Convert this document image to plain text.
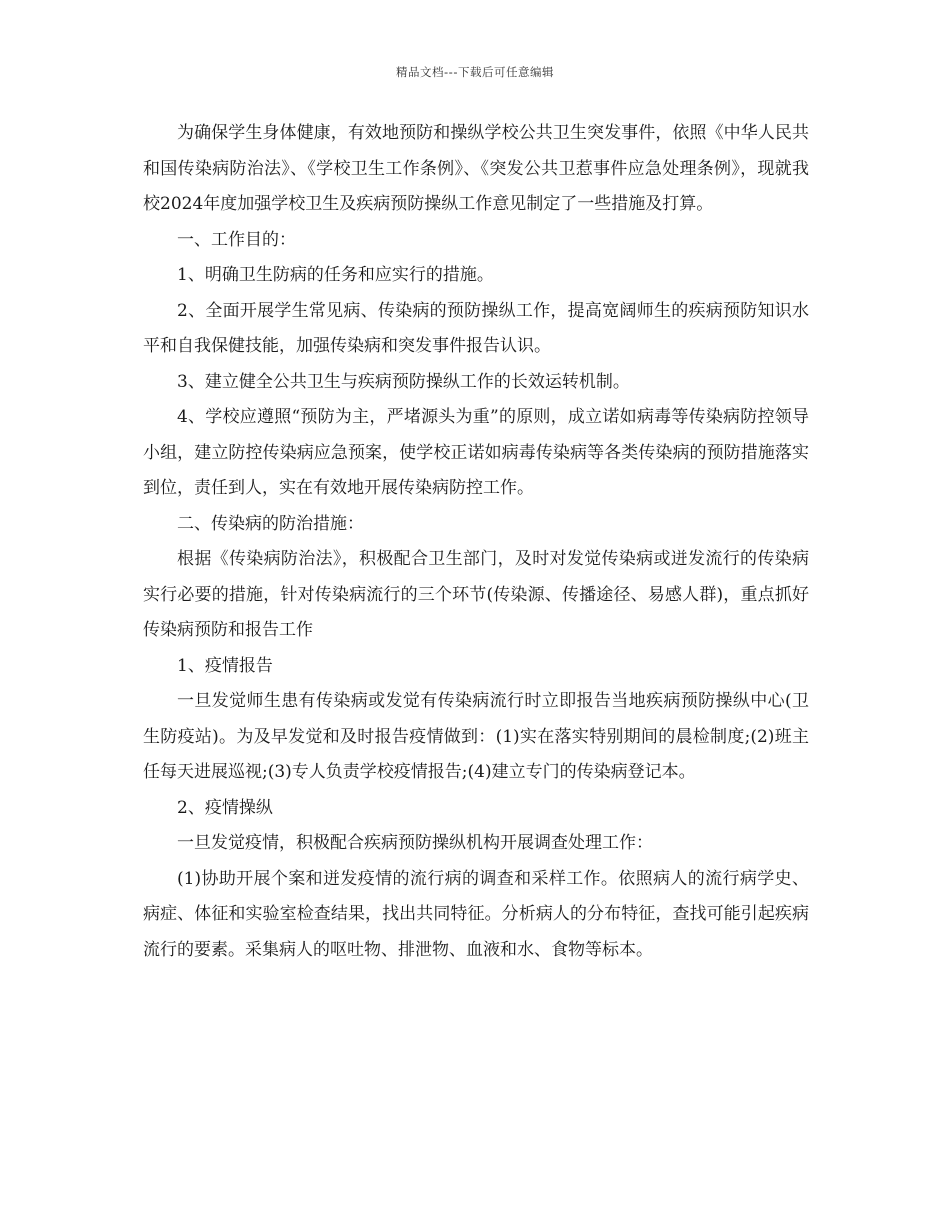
精品文档---下载后可任意编辑

为确保学生身体健康，有效地预防和操纵学校公共卫生突发事件，依照《中华人民共和国传染病防治法》、《学校卫生工作条例》、《突发公共卫惹事件应急处理条例》，现就我校2024年度加强学校卫生及疾病预防操纵工作意见制定了一些措施及打算。

一、工作目的：

1、明确卫生防病的任务和应实行的措施。

2、全面开展学生常见病、传染病的预防操纵工作，提高宽阔师生的疾病预防知识水平和自我保健技能，加强传染病和突发事件报告认识。

3、建立健全公共卫生与疾病预防操纵工作的长效运转机制。

4、学校应遵照“预防为主，严堵源头为重”的原则，成立诺如病毒等传染病防控领导小组，建立防控传染病应急预案，使学校正诺如病毒传染病等各类传染病的预防措施落实到位，责任到人，实在有效地开展传染病防控工作。

二、传染病的防治措施：

根据《传染病防治法》，积极配合卫生部门，及时对发觉传染病或迸发流行的传染病实行必要的措施，针对传染病流行的三个环节(传染源、传播途径、易感人群)，重点抓好传染病预防和报告工作

1、疫情报告

一旦发觉师生患有传染病或发觉有传染病流行时立即报告当地疾病预防操纵中心(卫生防疫站)。为及早发觉和及时报告疫情做到：(1)实在落实特别期间的晨检制度;(2)班主任每天进展巡视;(3)专人负责学校疫情报告;(4)建立专门的传染病登记本。

2、疫情操纵

一旦发觉疫情，积极配合疾病预防操纵机构开展调查处理工作：

(1)协助开展个案和迸发疫情的流行病的调查和采样工作。依照病人的流行病学史、病症、体征和实验室检查结果，找出共同特征。分析病人的分布特征，查找可能引起疾病流行的要素。采集病人的呕吐物、排泄物、血液和水、食物等标本。
